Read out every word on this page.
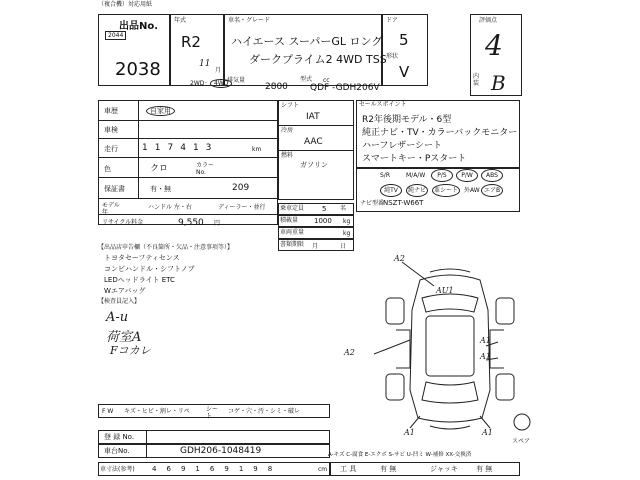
（複合機）対応用紙
出品No.
2044
2038
年式
R2
11
月
車名・グレード
ハイエース スーパーGL ロング
ダークプライム2 4WD TSS
排気量	cc
2WD ·	4WD	2800
型式
QDF -GDH206V
ドア
5
形状
V
評価点
4
内装 B
車歴	自家用
車検
走行	117413	km
色	クロ	カラーNo.
保証書	有・無	209
モデル年
ハンドル 左・右	ディーラー・並行
リサイクル料金	9,550 円
シフト
IAT
冷房
AAC
燃料
ガソリン
乗車定員	5 名
積載量 1000 kg
車両重量	kg
書類期限 月	日
セールスポイント
R2年後期モデル・6型
純正ナビ・TV・カラーバックモニター
ハーフレザーシート
スマートキー・Pスタート
S/R	M/A/W	P/S	P/W	ABS
純TV	純ナビ	革シート	外AW エアB
ナビ型番
NSZT-W66T
【出品店申告欄（不良箇所・欠品・注意事項等）】
トヨタセーフティセンス
コンビハンドル・シフトノブ
LEDヘッドライト ETC
Wエアバッグ
【検査員記入】
A-u
荷室A
Fコカレ
A2
AU1
A2
A1
A1
A1	A1
スペア
A-キズ C-腐食 E-エクボ S-サビ U-凹ミ W-補修 XX-交換済
F W キズ・ヒビ・割レ・リペ	シート
コゲ・穴・汚・シミ・破レ
登 録 No.
車台No.	GDH206-1048419
車寸法(参考) 469169198	cm 工 具	有 無	ジャッキ	有 無
